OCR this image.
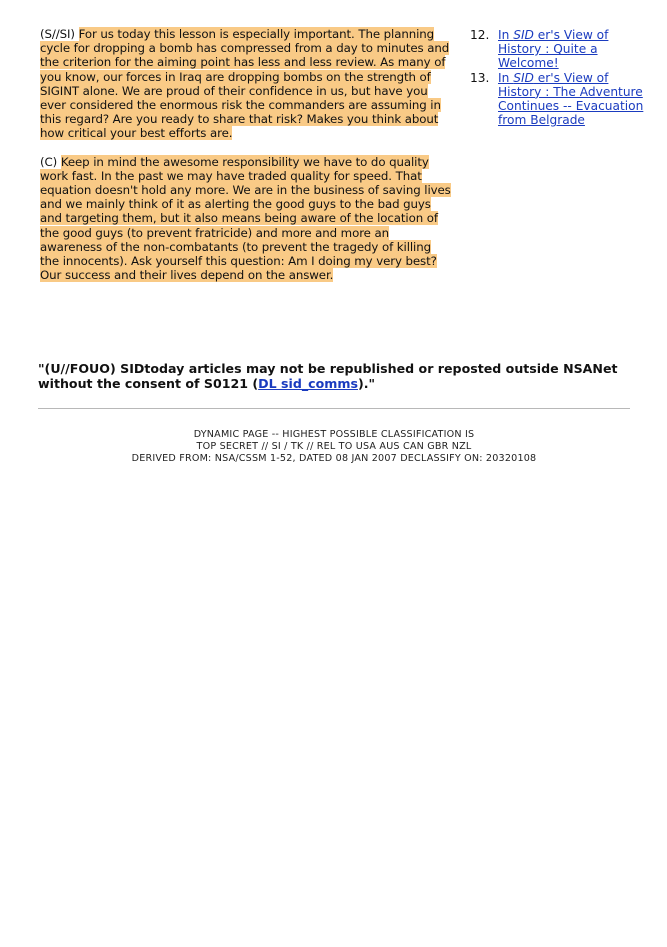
(S//SI) For us today this lesson is especially important. The planning cycle for dropping a bomb has compressed from a day to minutes and the criterion for the aiming point has less and less review. As many of you know, our forces in Iraq are dropping bombs on the strength of SIGINT alone. We are proud of their confidence in us, but have you ever considered the enormous risk the commanders are assuming in this regard? Are you ready to share that risk? Makes you think about how critical your best efforts are.

(C) Keep in mind the awesome responsibility we have to do quality work fast. In the past we may have traded quality for speed. That equation doesn't hold any more. We are in the business of saving lives and we mainly think of it as alerting the good guys to the bad guys and targeting them, but it also means being aware of the location of the good guys (to prevent fratricide) and more and more an awareness of the non-combatants (to prevent the tragedy of killing the innocents). Ask yourself this question: Am I doing my very best? Our success and their lives depend on the answer.

12. In SID er's View of History : Quite a Welcome!
13. In SID er's View of History : The Adventure Continues -- Evacuation from Belgrade
"(U//FOUO) SIDtoday articles may not be republished or reposted outside NSANet without the consent of S0121 (DL sid_comms)."
DYNAMIC PAGE -- HIGHEST POSSIBLE CLASSIFICATION IS
TOP SECRET // SI / TK // REL TO USA AUS CAN GBR NZL
DERIVED FROM: NSA/CSSM 1-52, DATED 08 JAN 2007 DECLASSIFY ON: 20320108
